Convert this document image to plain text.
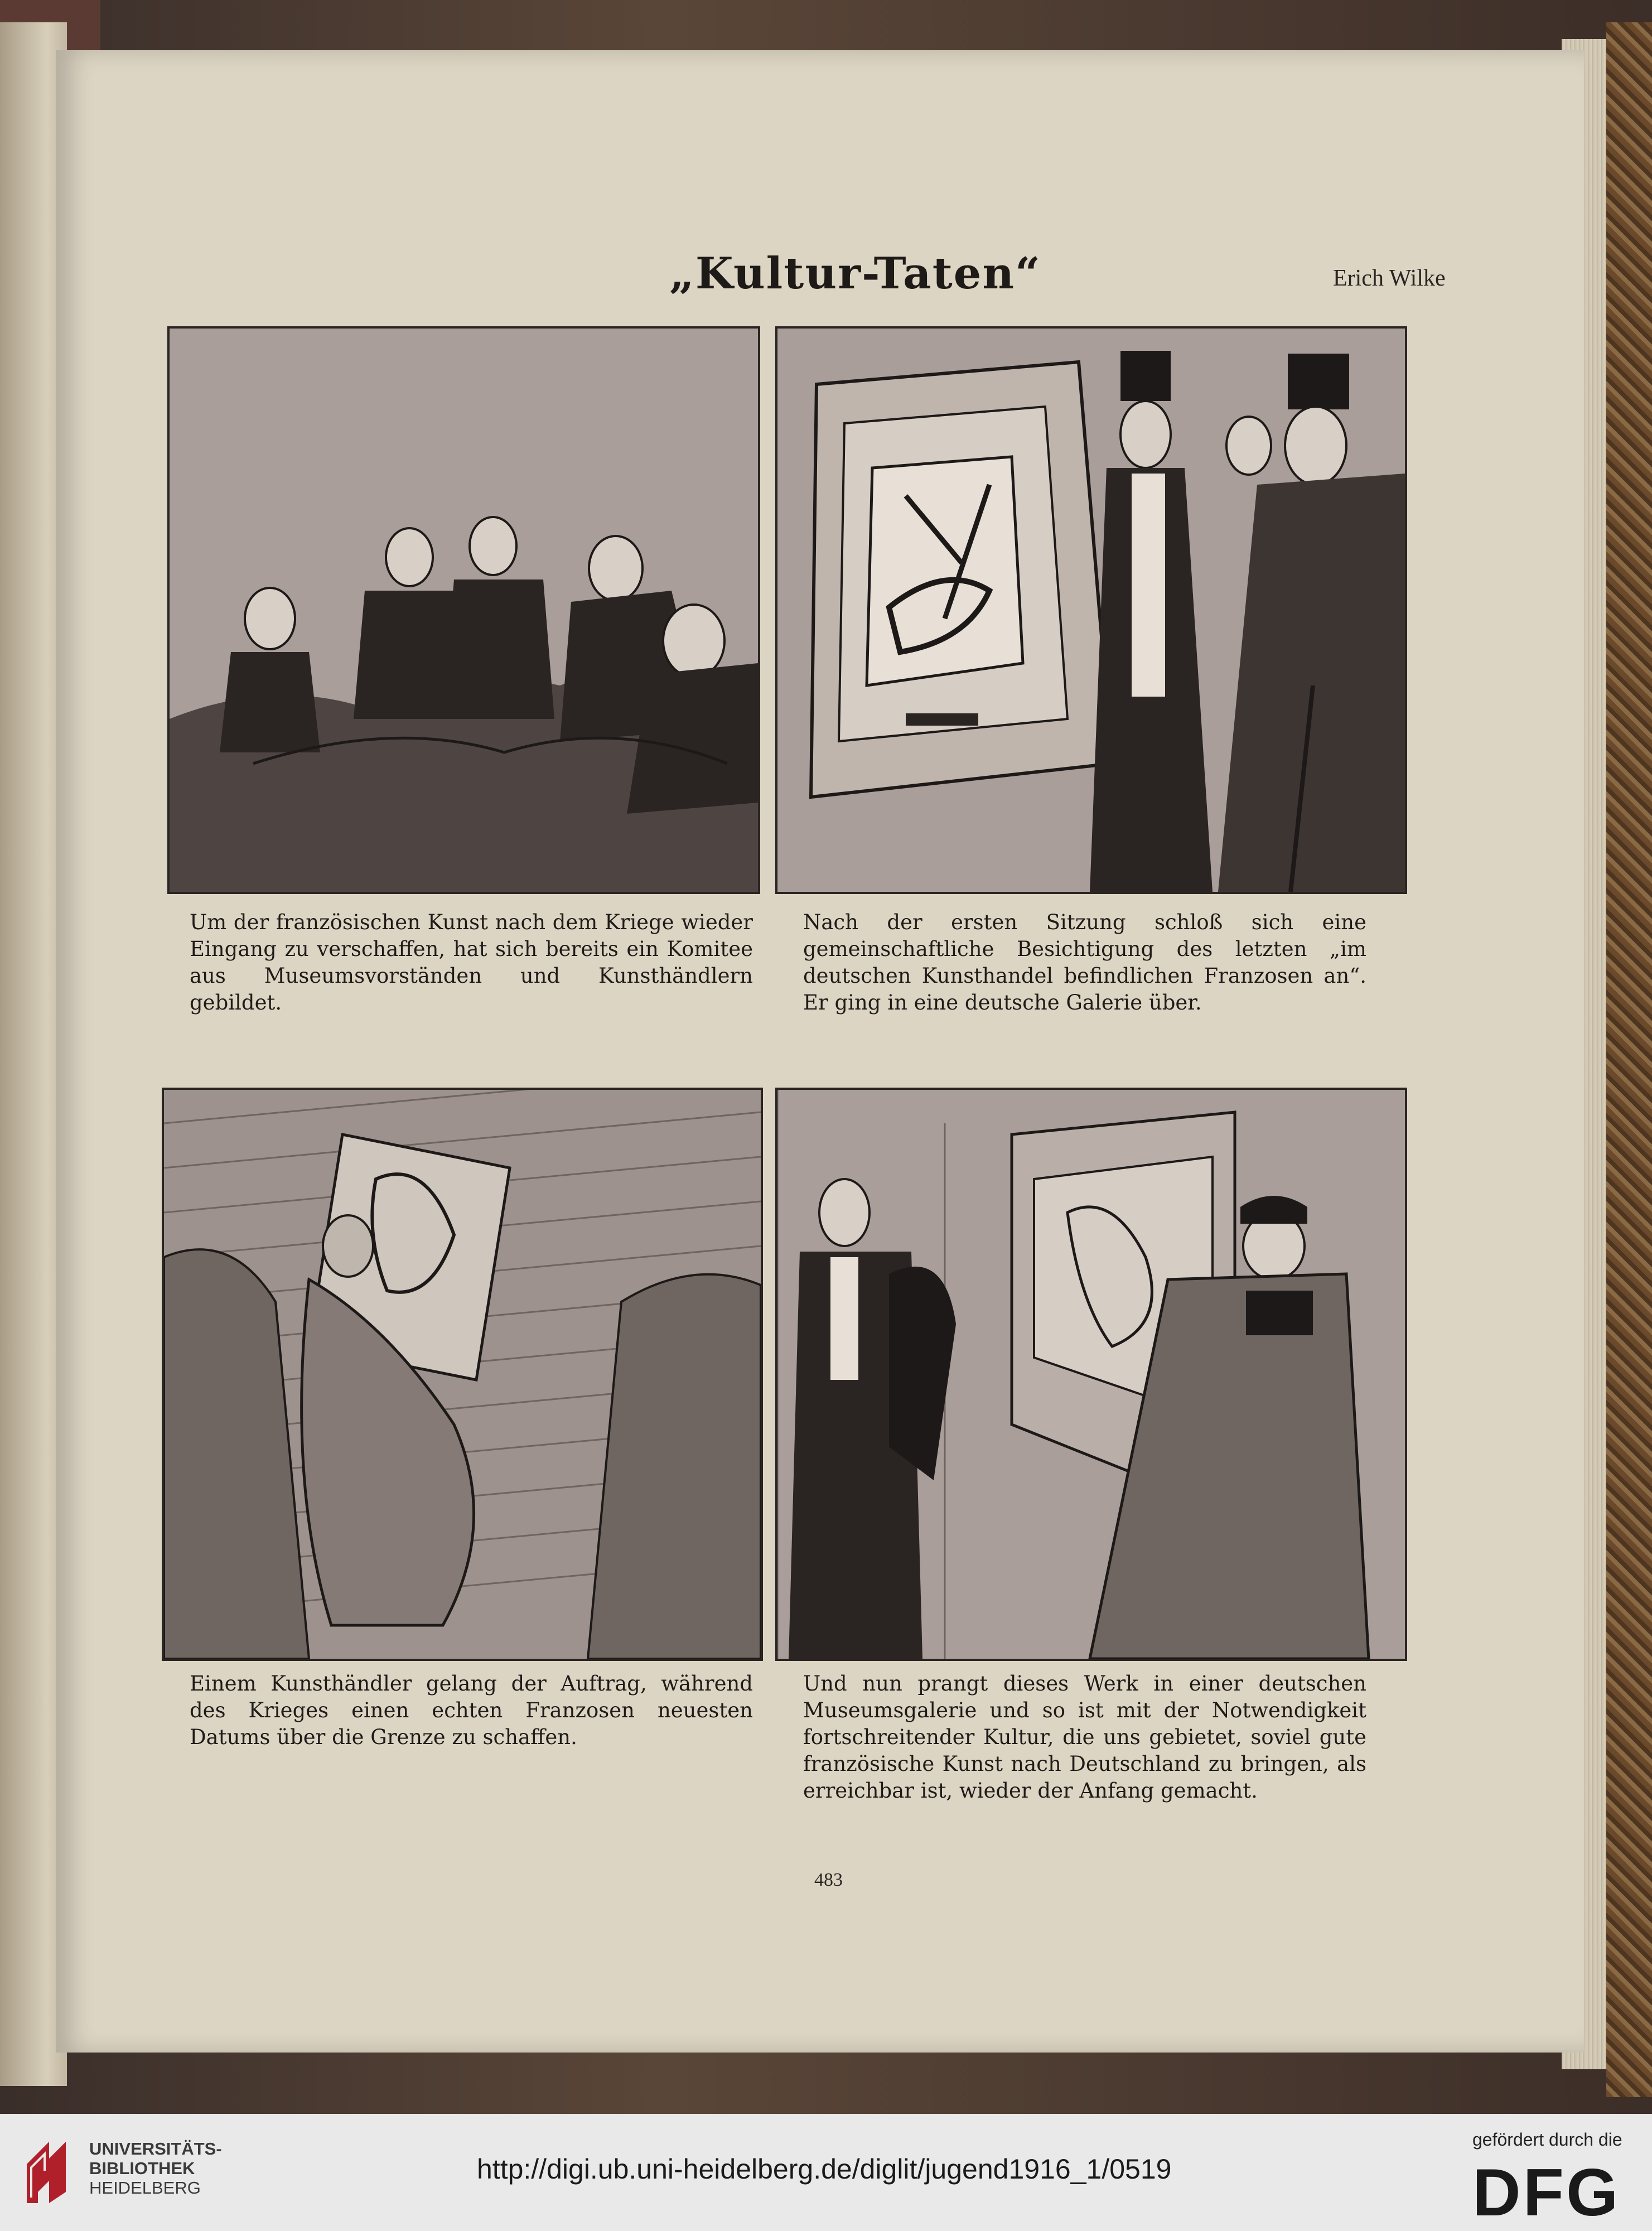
„Kultur-Taten“	Erich Wilke
Um der französischen Kunst nach dem Kriege wieder Eingang zu verschaffen, hat sich bereits ein Komitee aus Museumsvorständen und Kunsthändlern gebildet.
Nach der ersten Sitzung schloß sich eine gemeinschaftliche Besichtigung des letzten „im deutschen Kunsthandel befindlichen Franzosen an“. Er ging in eine deutsche Galerie über.
Einem Kunsthändler gelang der Auftrag, während des Krieges einen echten Franzosen neuesten Datums über die Grenze zu schaffen.
Und nun prangt dieses Werk in einer deutschen Museumsgalerie und so ist mit der Notwendigkeit fortschreitender Kultur, die uns gebietet, soviel gute französische Kunst nach Deutschland zu bringen, als erreichbar ist, wieder der Anfang gemacht.
483
UNIVERSITÄTS-
BIBLIOTHEK
HEIDELBERG
http://digi.ub.uni-heidelberg.de/diglit/jugend1916_1/0519
gefördert durch die
DFG
